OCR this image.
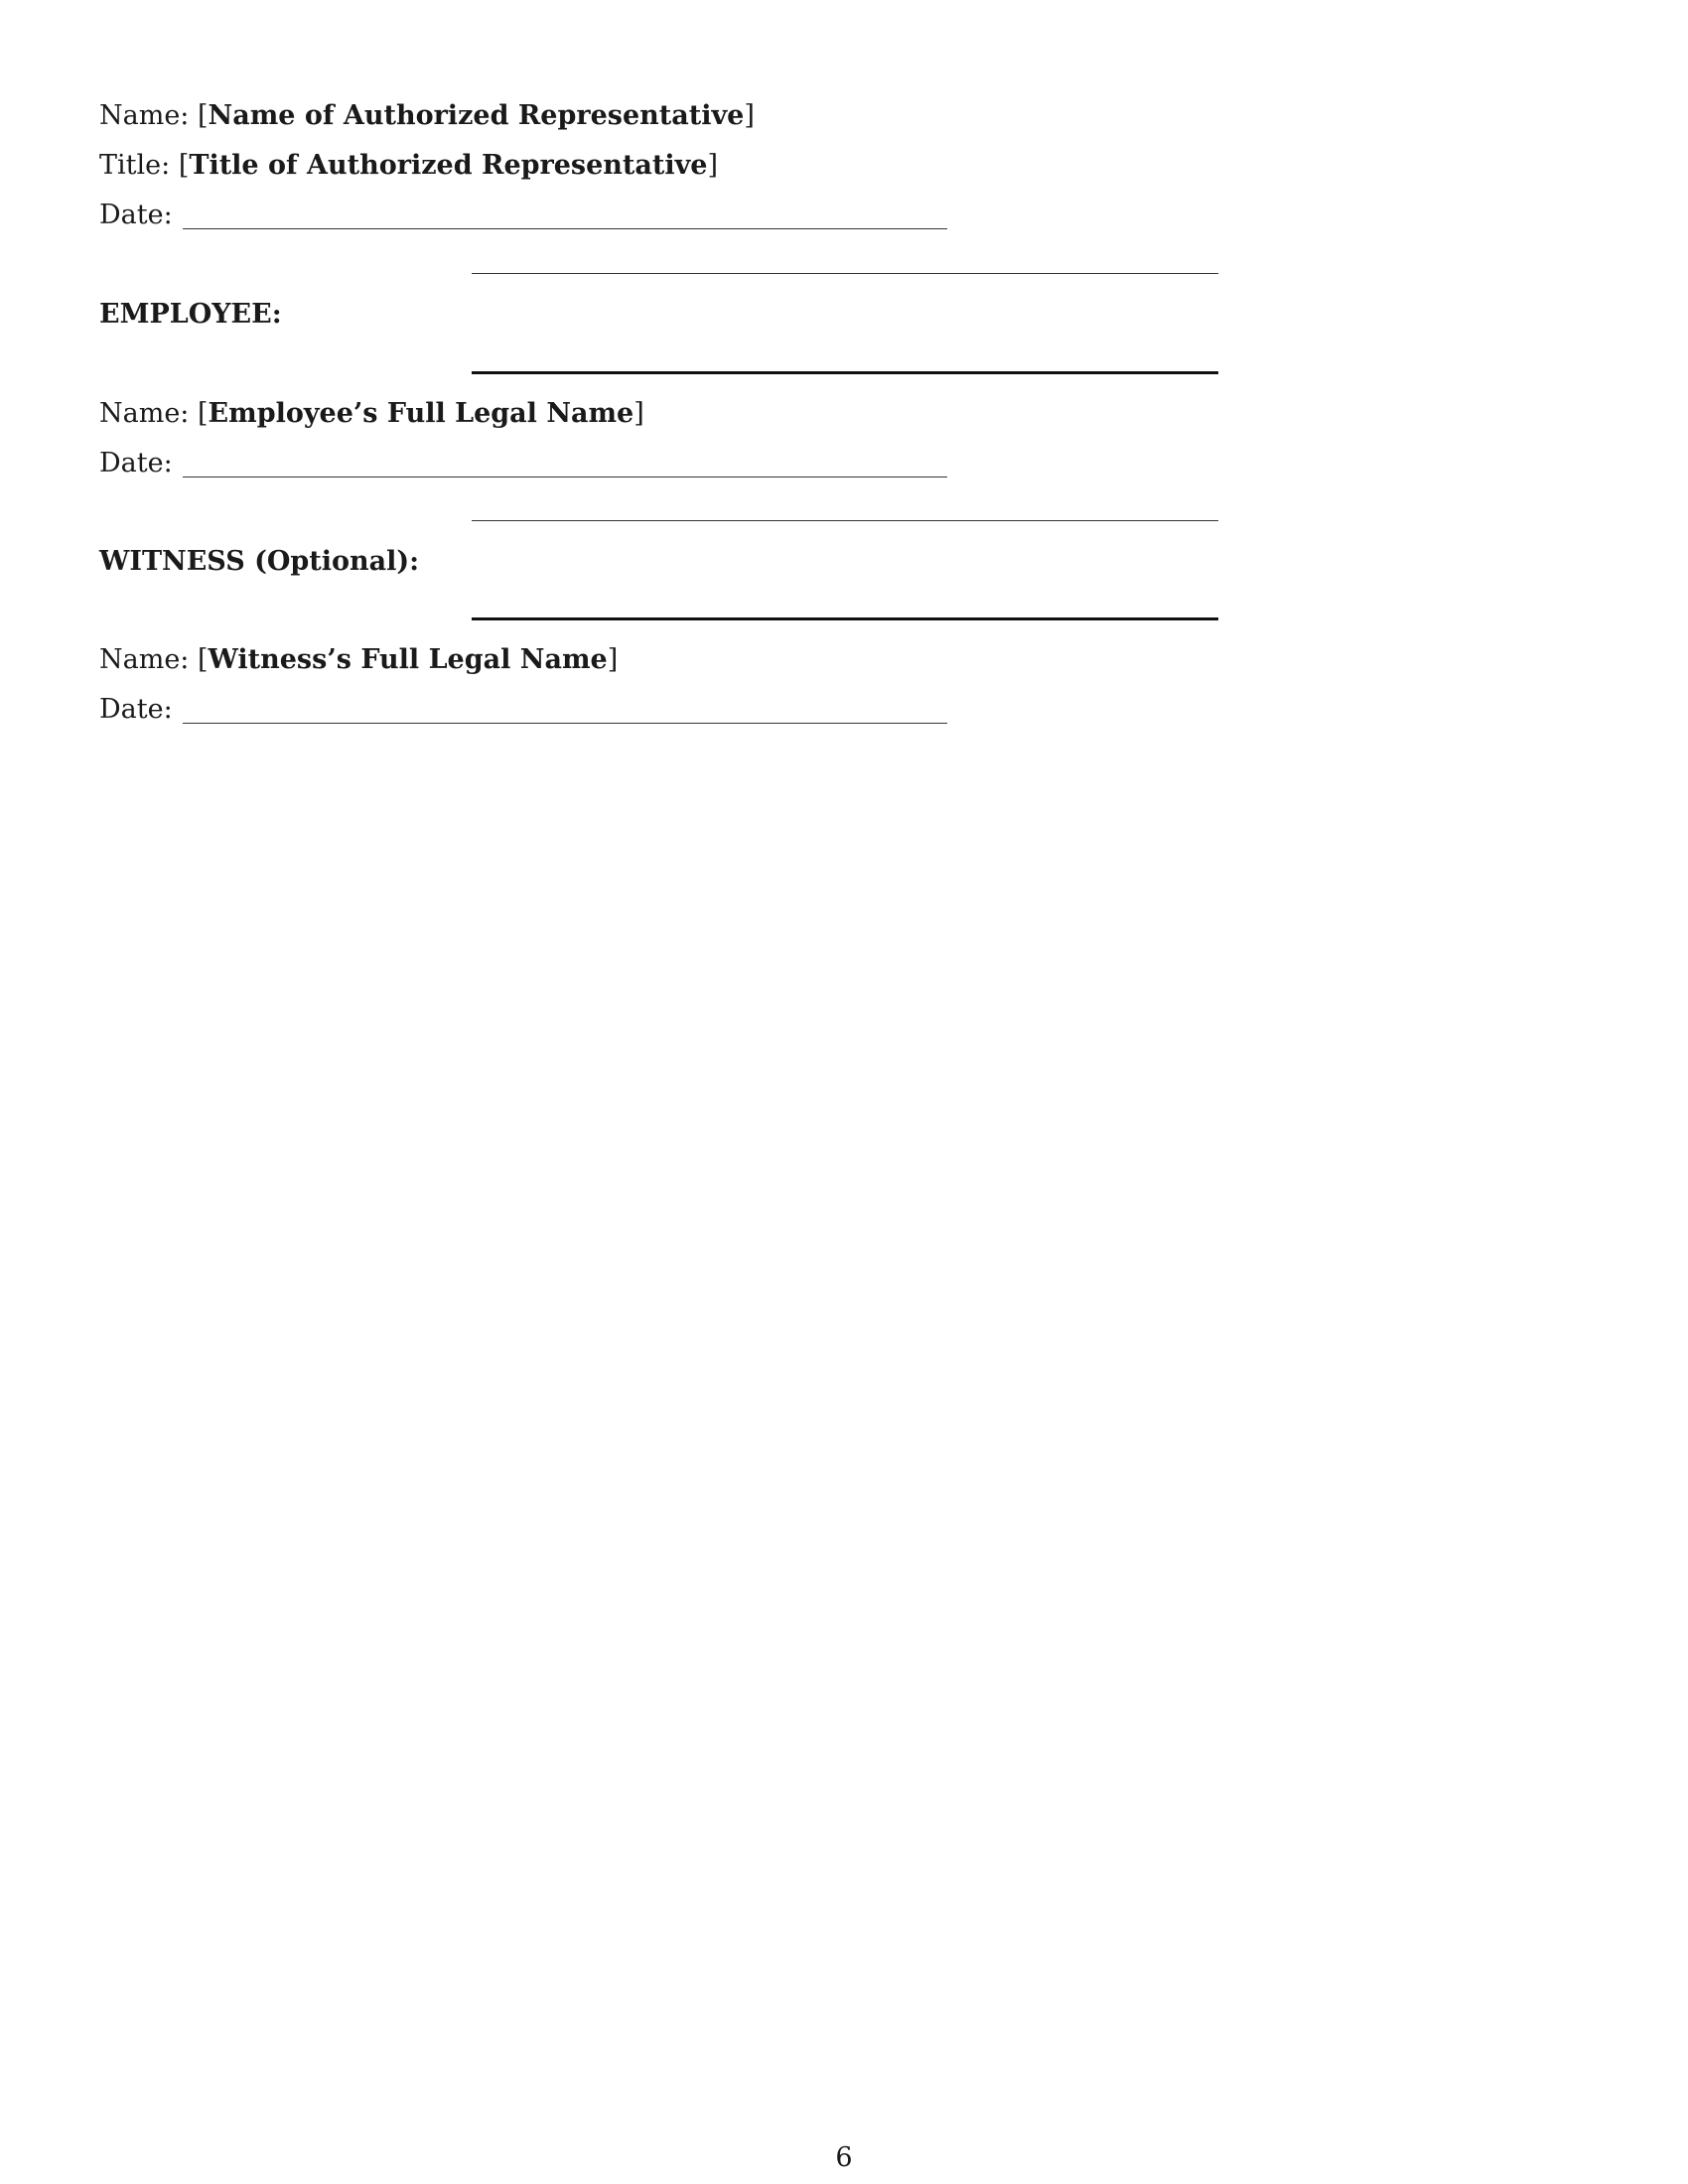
Name: [Name of Authorized Representative]
Title: [Title of Authorized Representative]
Date:
EMPLOYEE:
Name: [Employee’s Full Legal Name]
Date:
WITNESS (Optional):
Name: [Witness’s Full Legal Name]
Date:
6
